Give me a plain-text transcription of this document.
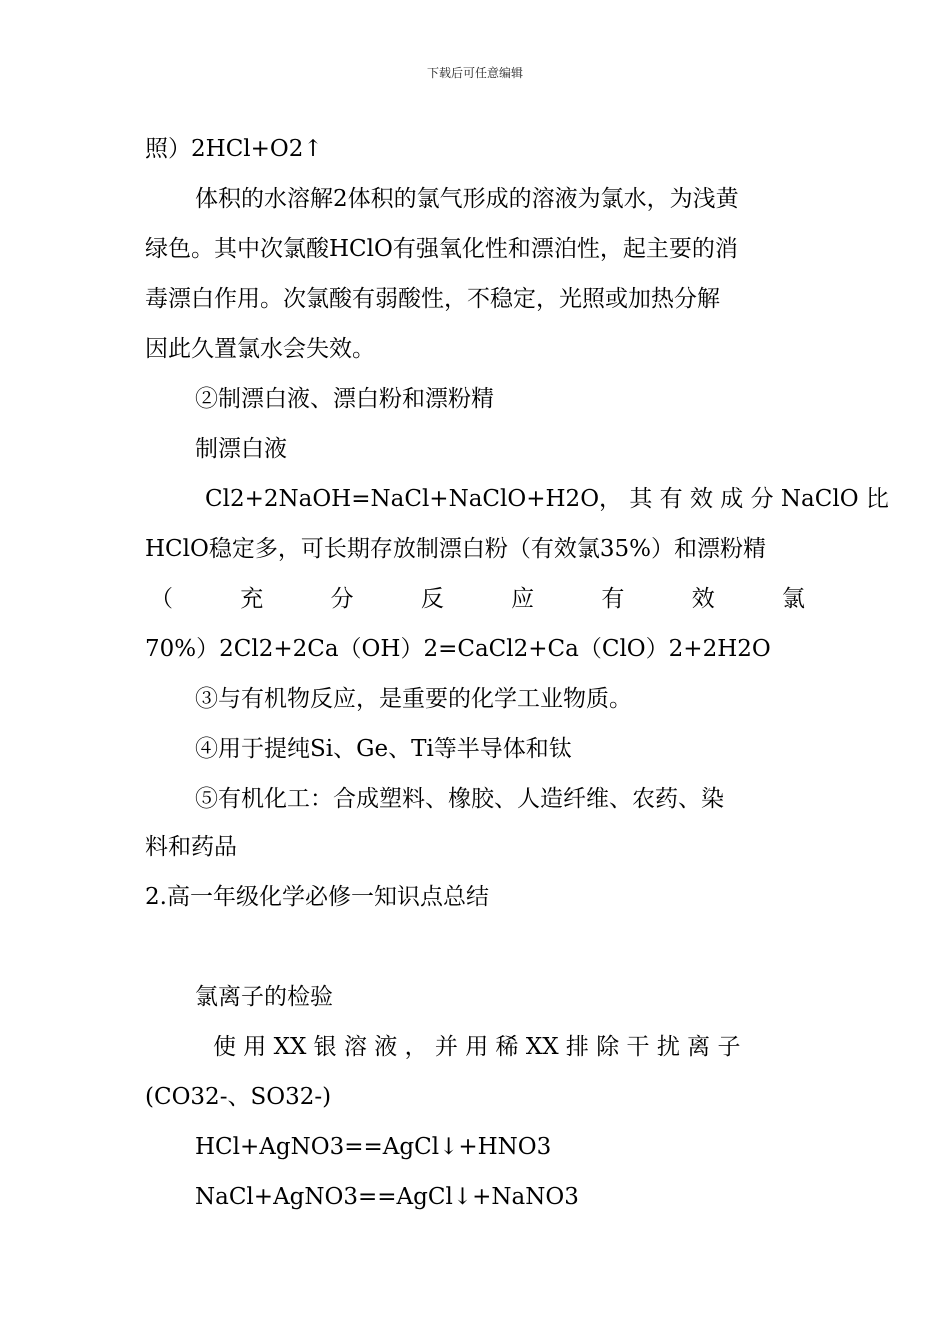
下载后可任意编辑
照）2HCl+O2↑
体积的水溶解2体积的氯气形成的溶液为氯水，为浅黄
绿色。其中次氯酸HClO有强氧化性和漂泊性，起主要的消
毒漂白作用。次氯酸有弱酸性，不稳定，光照或加热分解
因此久置氯水会失效。
②制漂白液、漂白粉和漂粉精
制漂白液
Cl2+2NaOH=NaCl+NaClO+H2O， 其 有 效 成 分 NaClO 比
HClO稳定多，可长期存放制漂白粉（有效氯35%）和漂粉精
（	充	分	反	应	有	效	氯
70%）2Cl2+2Ca（OH）2=CaCl2+Ca（ClO）2+2H2O
③与有机物反应，是重要的化学工业物质。
④用于提纯Si、Ge、Ti等半导体和钛
⑤有机化工：合成塑料、橡胶、人造纤维、农药、染
料和药品
2.高一年级化学必修一知识点总结
氯离子的检验
使 用 XX 银 溶 液 ， 并 用 稀 XX 排 除 干 扰 离 子
(CO32-、SO32-)
HCl+AgNO3==AgCl↓+HNO3
NaCl+AgNO3==AgCl↓+NaNO3
